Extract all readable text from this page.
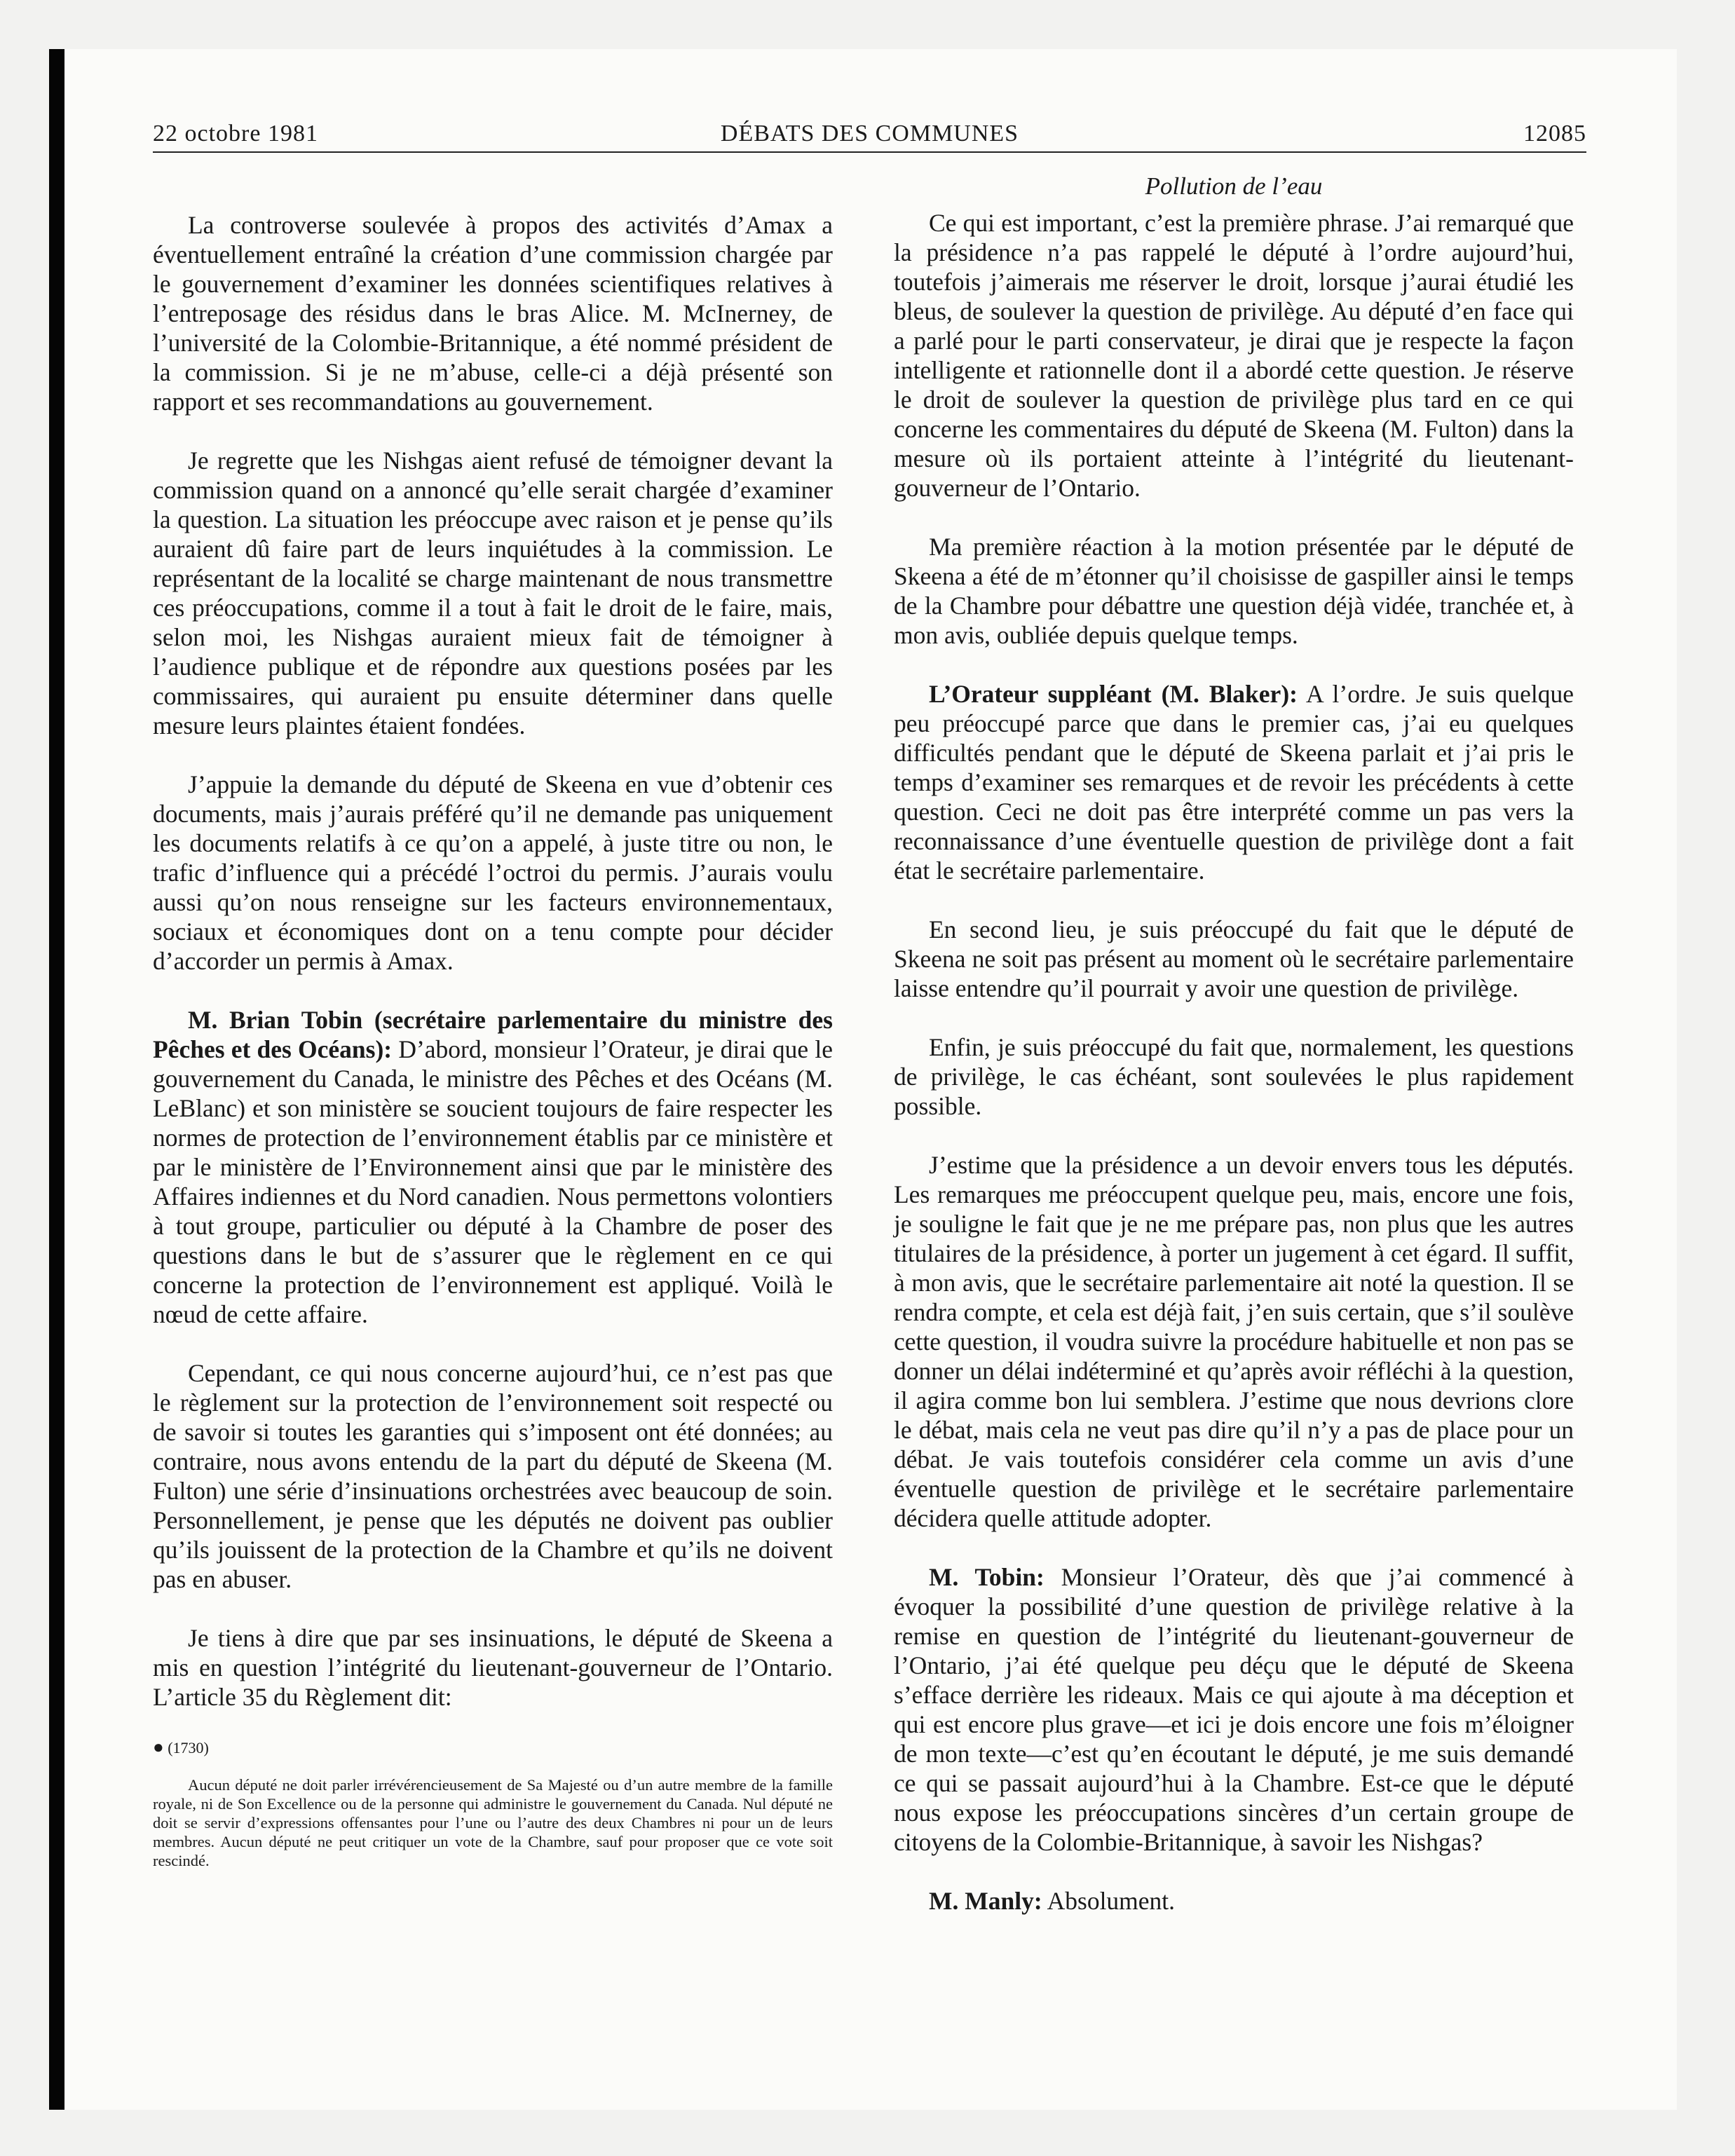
22 octobre 1981	DÉBATS DES COMMUNES	12085

La controverse soulevée à propos des activités d’Amax a éventuellement entraîné la création d’une commission chargée par le gouvernement d’examiner les données scientifiques relatives à l’entreposage des résidus dans le bras Alice. M. McInerney, de l’université de la Colombie-Britannique, a été nommé président de la commission. Si je ne m’abuse, celle-ci a déjà présenté son rapport et ses recommandations au gouvernement.

Je regrette que les Nishgas aient refusé de témoigner devant la commission quand on a annoncé qu’elle serait chargée d’examiner la question. La situation les préoccupe avec raison et je pense qu’ils auraient dû faire part de leurs inquiétudes à la commission. Le représentant de la localité se charge maintenant de nous transmettre ces préoccupations, comme il a tout à fait le droit de le faire, mais, selon moi, les Nishgas auraient mieux fait de témoigner à l’audience publique et de répondre aux questions posées par les commissaires, qui auraient pu ensuite déterminer dans quelle mesure leurs plaintes étaient fondées.

J’appuie la demande du député de Skeena en vue d’obtenir ces documents, mais j’aurais préféré qu’il ne demande pas uniquement les documents relatifs à ce qu’on a appelé, à juste titre ou non, le trafic d’influence qui a précédé l’octroi du permis. J’aurais voulu aussi qu’on nous renseigne sur les facteurs environnementaux, sociaux et économiques dont on a tenu compte pour décider d’accorder un permis à Amax.

M. Brian Tobin (secrétaire parlementaire du ministre des Pêches et des Océans): D’abord, monsieur l’Orateur, je dirai que le gouvernement du Canada, le ministre des Pêches et des Océans (M. LeBlanc) et son ministère se soucient toujours de faire respecter les normes de protection de l’environnement établis par ce ministère et par le ministère de l’Environnement ainsi que par le ministère des Affaires indiennes et du Nord canadien. Nous permettons volontiers à tout groupe, particulier ou député à la Chambre de poser des questions dans le but de s’assurer que le règlement en ce qui concerne la protection de l’environnement est appliqué. Voilà le nœud de cette affaire.

Cependant, ce qui nous concerne aujourd’hui, ce n’est pas que le règlement sur la protection de l’environnement soit respecté ou de savoir si toutes les garanties qui s’imposent ont été données; au contraire, nous avons entendu de la part du député de Skeena (M. Fulton) une série d’insinuations orchestrées avec beaucoup de soin. Personnellement, je pense que les députés ne doivent pas oublier qu’ils jouissent de la protection de la Chambre et qu’ils ne doivent pas en abuser.

Je tiens à dire que par ses insinuations, le député de Skeena a mis en question l’intégrité du lieutenant-gouverneur de l’Ontario. L’article 35 du Règlement dit:

● (1730)

Aucun député ne doit parler irrévérencieusement de Sa Majesté ou d’un autre membre de la famille royale, ni de Son Excellence ou de la personne qui administre le gouvernement du Canada. Nul député ne doit se servir d’expressions offensantes pour l’une ou l’autre des deux Chambres ni pour un de leurs membres. Aucun député ne peut critiquer un vote de la Chambre, sauf pour proposer que ce vote soit rescindé.

Pollution de l’eau

Ce qui est important, c’est la première phrase. J’ai remarqué que la présidence n’a pas rappelé le député à l’ordre aujourd’hui, toutefois j’aimerais me réserver le droit, lorsque j’aurai étudié les bleus, de soulever la question de privilège. Au député d’en face qui a parlé pour le parti conservateur, je dirai que je respecte la façon intelligente et rationnelle dont il a abordé cette question. Je réserve le droit de soulever la question de privilège plus tard en ce qui concerne les commentaires du député de Skeena (M. Fulton) dans la mesure où ils portaient atteinte à l’intégrité du lieutenant-gouverneur de l’Ontario.

Ma première réaction à la motion présentée par le député de Skeena a été de m’étonner qu’il choisisse de gaspiller ainsi le temps de la Chambre pour débattre une question déjà vidée, tranchée et, à mon avis, oubliée depuis quelque temps.

L’Orateur suppléant (M. Blaker): A l’ordre. Je suis quelque peu préoccupé parce que dans le premier cas, j’ai eu quelques difficultés pendant que le député de Skeena parlait et j’ai pris le temps d’examiner ses remarques et de revoir les précédents à cette question. Ceci ne doit pas être interprété comme un pas vers la reconnaissance d’une éventuelle question de privilège dont a fait état le secrétaire parlementaire.

En second lieu, je suis préoccupé du fait que le député de Skeena ne soit pas présent au moment où le secrétaire parlementaire laisse entendre qu’il pourrait y avoir une question de privilège.

Enfin, je suis préoccupé du fait que, normalement, les questions de privilège, le cas échéant, sont soulevées le plus rapidement possible.

J’estime que la présidence a un devoir envers tous les députés. Les remarques me préoccupent quelque peu, mais, encore une fois, je souligne le fait que je ne me prépare pas, non plus que les autres titulaires de la présidence, à porter un jugement à cet égard. Il suffit, à mon avis, que le secrétaire parlementaire ait noté la question. Il se rendra compte, et cela est déjà fait, j’en suis certain, que s’il soulève cette question, il voudra suivre la procédure habituelle et non pas se donner un délai indéterminé et qu’après avoir réfléchi à la question, il agira comme bon lui semblera. J’estime que nous devrions clore le débat, mais cela ne veut pas dire qu’il n’y a pas de place pour un débat. Je vais toutefois considérer cela comme un avis d’une éventuelle question de privilège et le secrétaire parlementaire décidera quelle attitude adopter.

M. Tobin: Monsieur l’Orateur, dès que j’ai commencé à évoquer la possibilité d’une question de privilège relative à la remise en question de l’intégrité du lieutenant-gouverneur de l’Ontario, j’ai été quelque peu déçu que le député de Skeena s’efface derrière les rideaux. Mais ce qui ajoute à ma déception et qui est encore plus grave—et ici je dois encore une fois m’éloigner de mon texte—c’est qu’en écoutant le député, je me suis demandé ce qui se passait aujourd’hui à la Chambre. Est-ce que le député nous expose les préoccupations sincères d’un certain groupe de citoyens de la Colombie-Britannique, à savoir les Nishgas?

M. Manly: Absolument.
